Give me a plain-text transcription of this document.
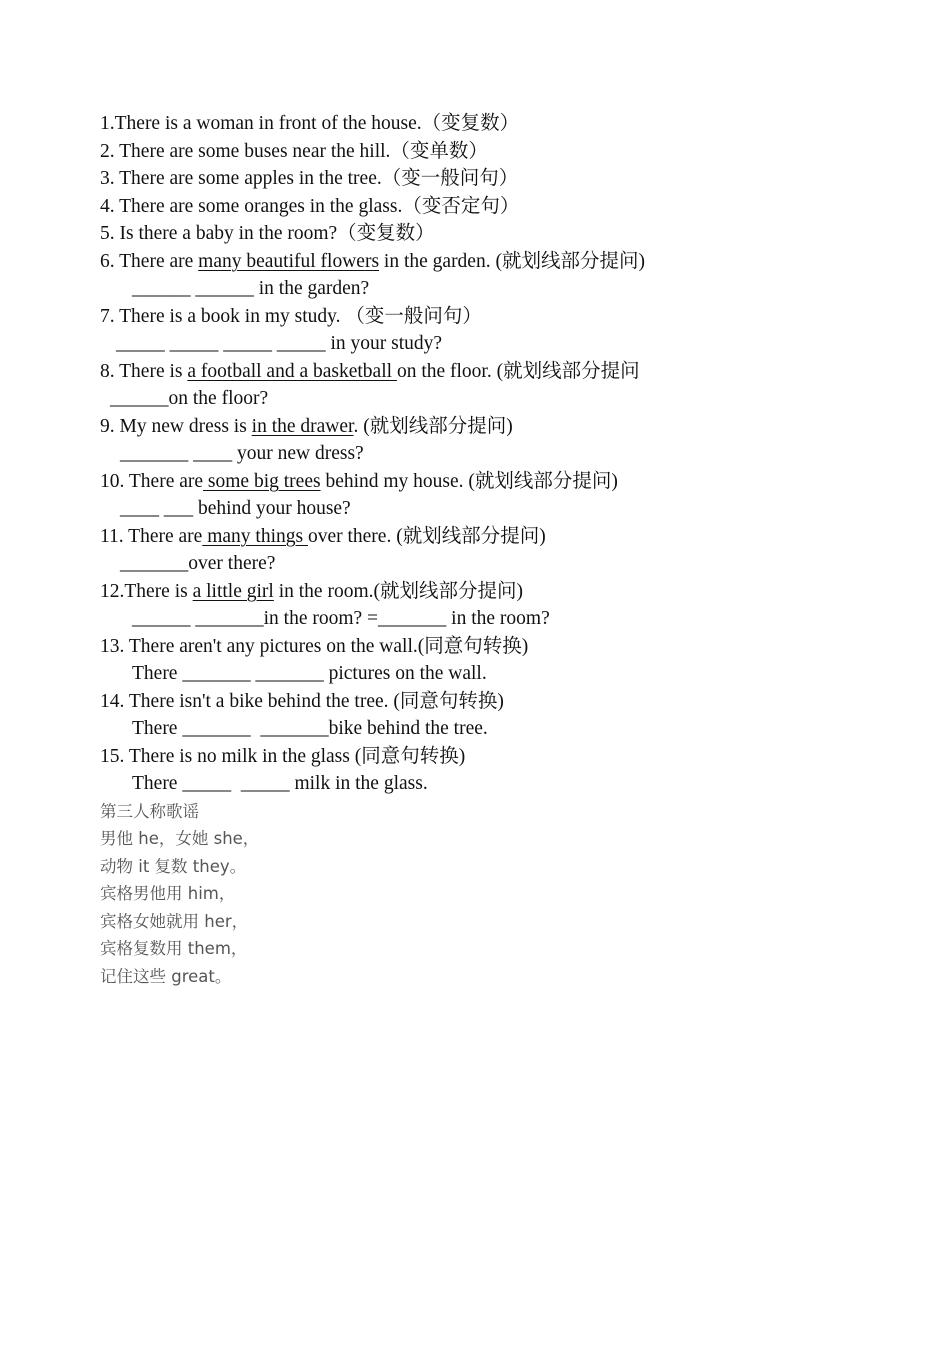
1.There is a woman in front of the house.（变复数）
2. There are some buses near the hill.（变单数）
3. There are some apples in the tree.（变一般问句）
4. There are some oranges in the glass.（变否定句）
5. Is there a baby in the room?（变复数）
6. There are many beautiful flowers in the garden. (就划线部分提问)
______ ______ in the garden?
7. There is a book in my study. （变一般问句）
_____ _____ _____ _____ in your study?
8. There is a football and a basketball on the floor. (就划线部分提问
______on the floor?
9. My new dress is in the drawer. (就划线部分提问)
_______ ____ your new dress?
10. There are some big trees behind my house. (就划线部分提问)
____ ___ behind your house?
11. There are many things over there. (就划线部分提问)
_______over there?
12.There is a little girl in the room.(就划线部分提问)
______ _______in the room? =_______ in the room?
13. There aren't any pictures on the wall.(同意句转换)
There _______ _______ pictures on the wall.
14. There isn't a bike behind the tree. (同意句转换)
There _______  _______bike behind the tree.
15. There is no milk in the glass (同意句转换)
There _____  _____ milk in the glass.
第三人称歌谣
男他 he，女她 she，
动物 it 复数 they。
宾格男他用 him，
宾格女她就用 her，
宾格复数用 them，
记住这些 great。
